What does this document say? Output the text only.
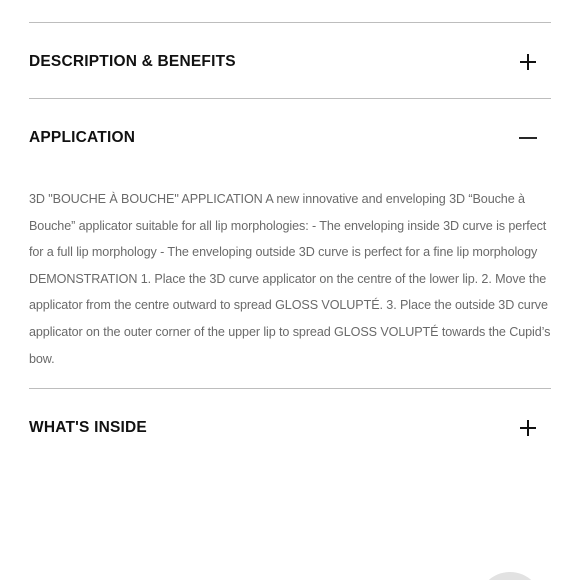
DESCRIPTION & BENEFITS
APPLICATION
3D "BOUCHE À BOUCHE" APPLICATION A new innovative and enveloping 3D “Bouche à Bouche” applicator suitable for all lip morphologies: - The enveloping inside 3D curve is perfect for a full lip morphology - The enveloping outside 3D curve is perfect for a fine lip morphology DEMONSTRATION 1. Place the 3D curve applicator on the centre of the lower lip. 2. Move the applicator from the centre outward to spread GLOSS VOLUPTÉ. 3. Place the outside 3D curve applicator on the outer corner of the upper lip to spread GLOSS VOLUPTÉ towards the Cupid’s bow.
WHAT'S INSIDE
